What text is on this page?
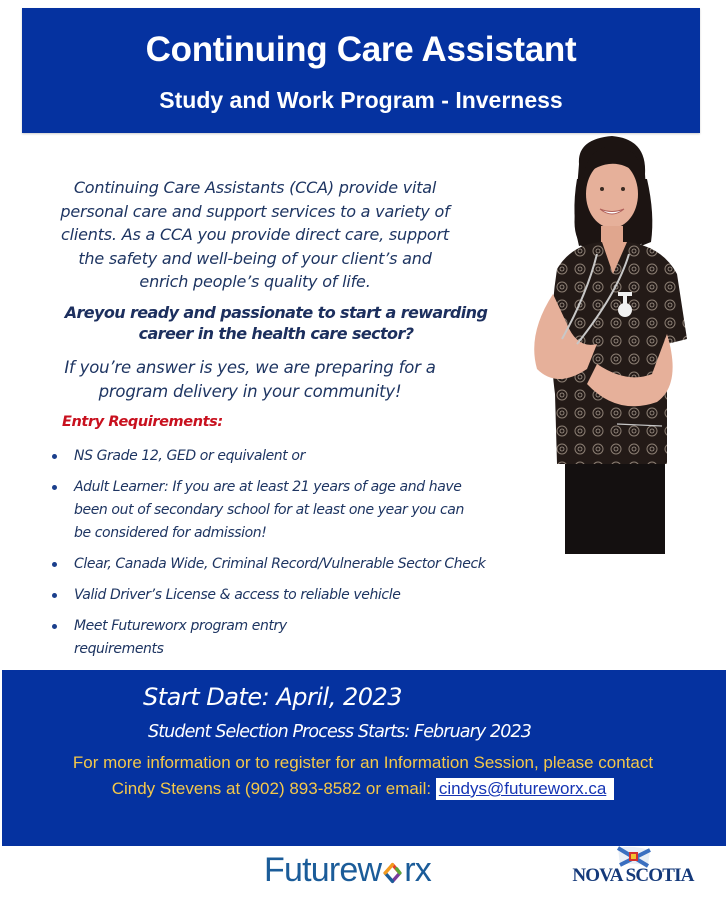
Continuing Care Assistant
Study and Work Program - Inverness
Continuing Care Assistants (CCA) provide vital
personal care and support services to a variety of
clients. As a CCA you provide direct care, support
the safety and well-being of your client’s and
enrich people’s quality of life.
Areyou ready and passionate to start a rewarding
career in the health care sector?
If you’re answer is yes, we are preparing for a
program delivery in your community!
Entry Requirements:
NS Grade 12, GED or equivalent or
Adult Learner: If you are at least 21 years of age and have been out of secondary school for at least one year you can be considered for admission!
Clear, Canada Wide, Criminal Record/Vulnerable Sector Check
Valid Driver’s License & access to reliable vehicle
Meet Futureworx program entry requirements
Start Date: April, 2023
Student Selection Process Starts: February 2023
For more information or to register for an Information Session, please contact
Cindy Stevens at (902) 893-8582 or email: cindys@futureworx.ca
Futurew rx	NOVA SCOTIA
